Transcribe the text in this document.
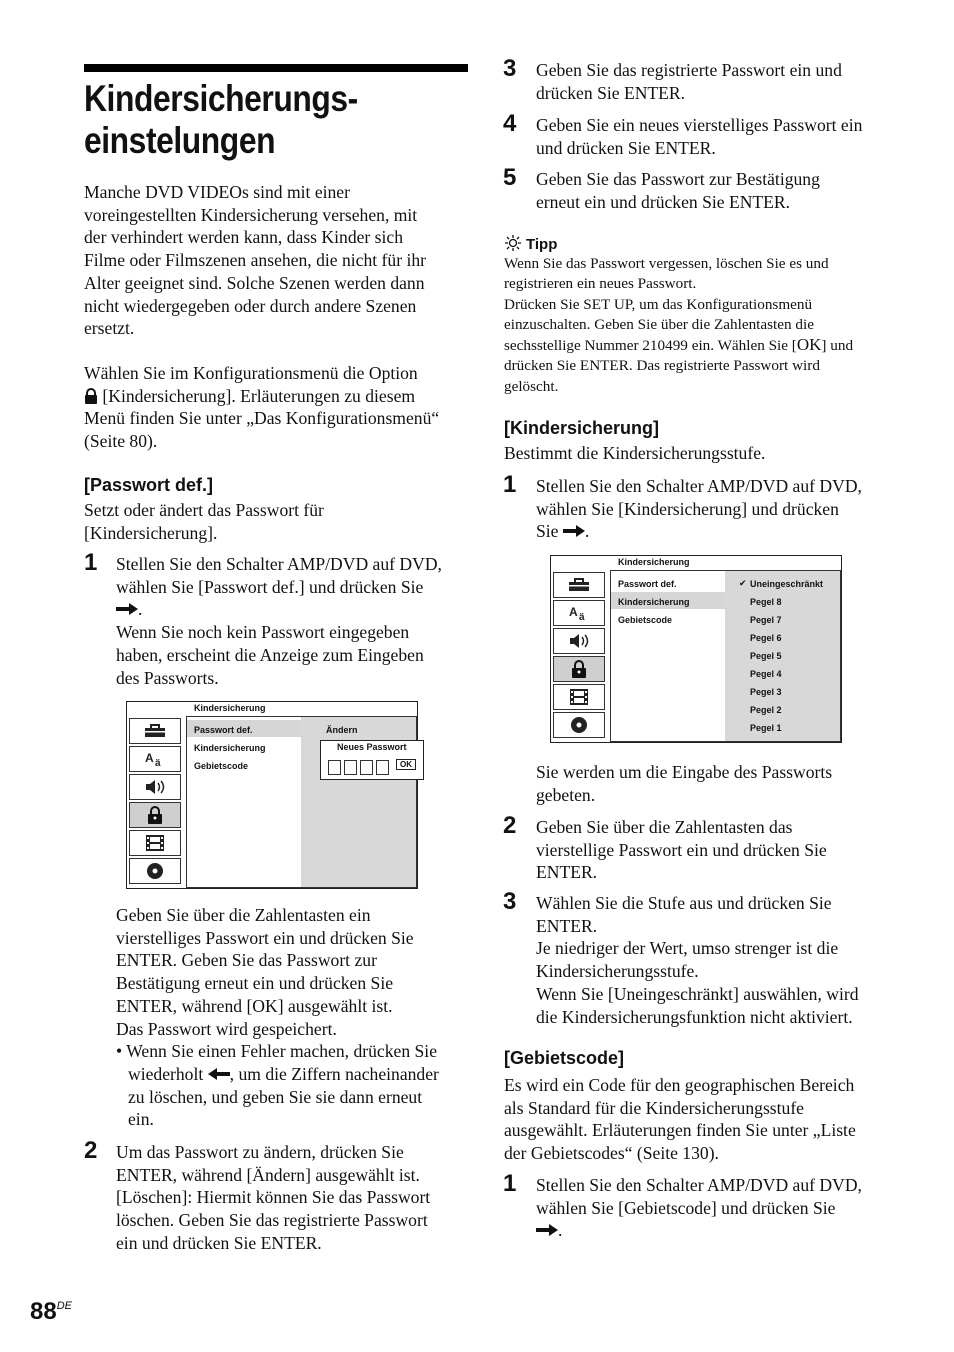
Kindersicherungs-
einstelungen
Manche DVD VIDEOs sind mit einer
voreingestellten Kindersicherung versehen, mit
der verhindert werden kann, dass Kinder sich
Filme oder Filmszenen ansehen, die nicht für ihr
Alter geeignet sind. Solche Szenen werden dann
nicht wiedergegeben oder durch andere Szenen
ersetzt.
Wählen Sie im Konfigurationsmenü die Option
[Kindersicherung]. Erläuterungen zu diesem
Menü finden Sie unter „Das Konfigurationsmenü“
(Seite 80).
[Passwort def.]
Setzt oder ändert das Passwort für
[Kindersicherung].
1 Stellen Sie den Schalter AMP/DVD auf DVD,
wählen Sie [Passwort def.] und drücken Sie
.
Wenn Sie noch kein Passwort eingegeben
haben, erscheint die Anzeige zum Eingeben
des Passworts.
Kindersicherung
A ä
Passwort def.
Kindersicherung
Gebietscode
Ändern
Neues Passwort
OK
Geben Sie über die Zahlentasten ein
vierstelliges Passwort ein und drücken Sie
ENTER. Geben Sie das Passwort zur
Bestätigung erneut ein und drücken Sie
ENTER, während [OK] ausgewählt ist.
Das Passwort wird gespeichert.
• Wenn Sie einen Fehler machen, drücken Sie
wiederholt , um die Ziffern nacheinander
zu löschen, und geben Sie sie dann erneut
ein.
2 Um das Passwort zu ändern, drücken Sie
ENTER, während [Ändern] ausgewählt ist.
[Löschen]: Hiermit können Sie das Passwort
löschen. Geben Sie das registrierte Passwort
ein und drücken Sie ENTER.
3 Geben Sie das registrierte Passwort ein und
drücken Sie ENTER.
4 Geben Sie ein neues vierstelliges Passwort ein
und drücken Sie ENTER.
5 Geben Sie das Passwort zur Bestätigung
erneut ein und drücken Sie ENTER.
Tipp
Wenn Sie das Passwort vergessen, löschen Sie es und
registrieren ein neues Passwort.
Drücken Sie SET UP, um das Konfigurationsmenü
einzuschalten. Geben Sie über die Zahlentasten die
sechsstellige Nummer 210499 ein. Wählen Sie [OK] und
drücken Sie ENTER. Das registrierte Passwort wird
gelöscht.
[Kindersicherung]
Bestimmt die Kindersicherungsstufe.
1 Stellen Sie den Schalter AMP/DVD auf DVD,
wählen Sie [Kindersicherung] und drücken
Sie .
Kindersicherung
A ä
Passwort def.
Kindersicherung
Gebietscode
✔ Uneingeschränkt
Pegel 8
Pegel 7
Pegel 6
Pegel 5
Pegel 4
Pegel 3
Pegel 2
Pegel 1
Sie werden um die Eingabe des Passworts
gebeten.
2 Geben Sie über die Zahlentasten das
vierstellige Passwort ein und drücken Sie
ENTER.
3 Wählen Sie die Stufe aus und drücken Sie
ENTER.
Je niedriger der Wert, umso strenger ist die
Kindersicherungsstufe.
Wenn Sie [Uneingeschränkt] auswählen, wird
die Kindersicherungsfunktion nicht aktiviert.
[Gebietscode]
Es wird ein Code für den geographischen Bereich
als Standard für die Kindersicherungsstufe
ausgewählt. Erläuterungen finden Sie unter „Liste
der Gebietscodes“ (Seite 130).
1 Stellen Sie den Schalter AMP/DVD auf DVD,
wählen Sie [Gebietscode] und drücken Sie
.
88DE
